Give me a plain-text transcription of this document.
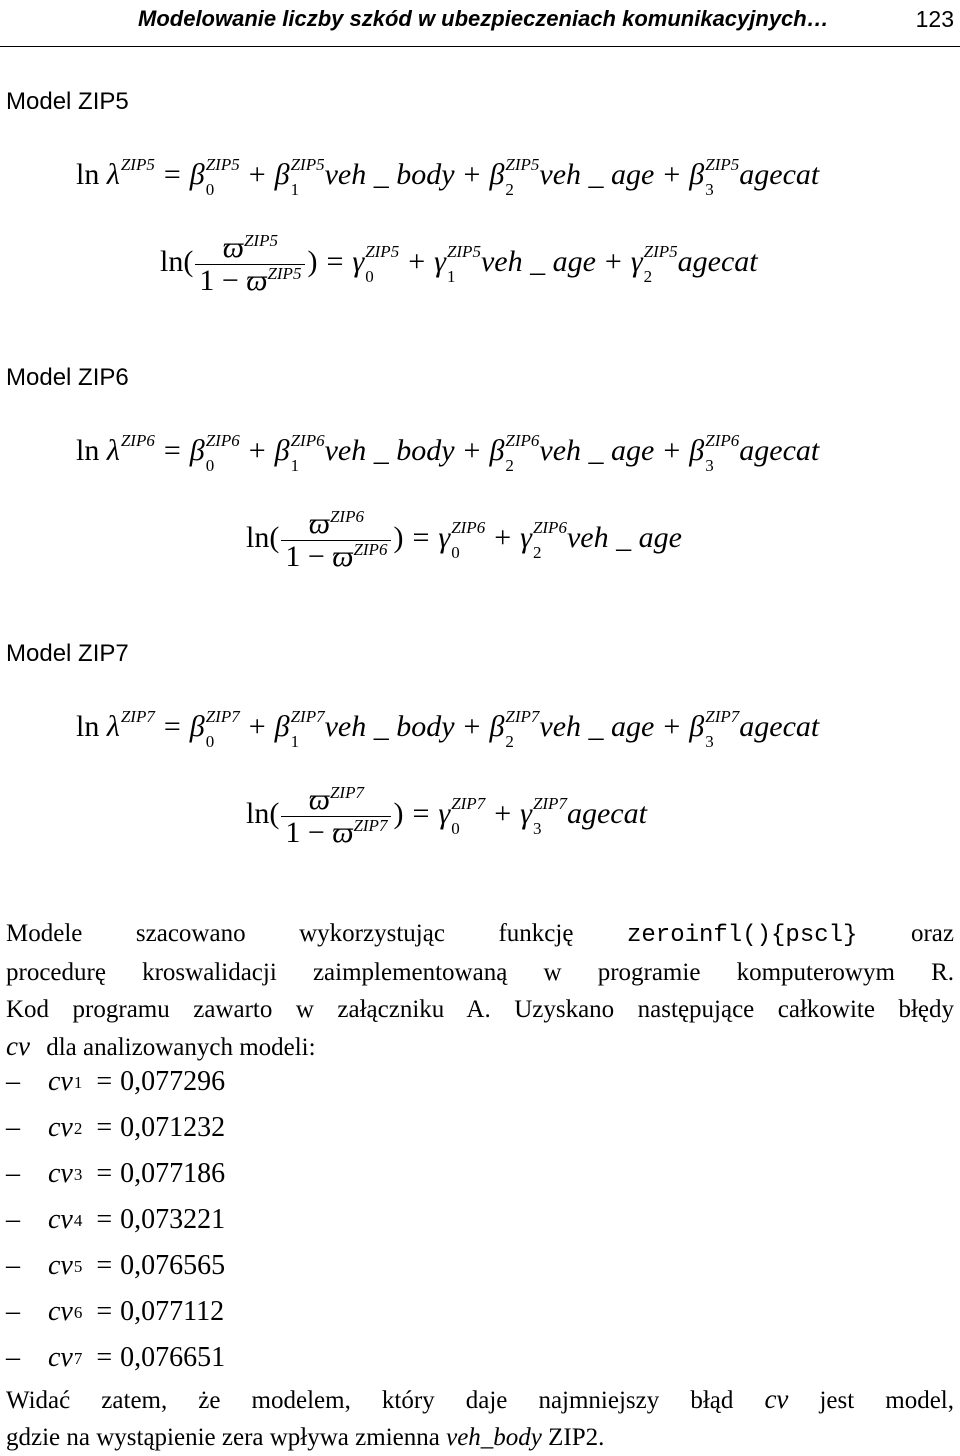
Modelowanie liczby szkód w ubezpieczeniach komunikacyjnych…	123
Model ZIP5
ln λ ZIP5
= β ZIP5
0	+ β ZIP5
1 veh _ body + β ZIP5
2 veh _ age + β ZIP5
3 agecat
$\ln( \frac{ϖ^{ZIP5}}{1 - ϖ^{ZIP5}}$ ) = γ ZIP5
0	+ γ ZIP5
1 veh _ age + γ ZIP5
2 agecat
Model ZIP6
ln λ ZIP6
= β ZIP6
0	+ β ZIP6
1 veh _ body + β ZIP6
2 veh _ age + β ZIP6
3 agecat
$\ln( \frac{ϖ^{ZIP6}}{1 - ϖ^{ZIP6}}$ ) = γ ZIP6
0	+ γ ZIP6
2 veh _ age
Model ZIP7
ln λ ZIP7
= β ZIP7
0	+ β ZIP7
1 veh _ body + β ZIP7
2 veh _ age + β ZIP7
3 agecat
$\ln( \frac{ϖ^{ZIP7}}{1 - ϖ^{ZIP7}}$ ) = γ ZIP7
0	+ γ ZIP7
3 agecat
Modele szacowano wykorzystując funkcję zeroinfl(){pscl} oraz
procedurę kroswalidacji zaimplementowaną w programie komputerowym R.
Kod programu zawarto w załączniku A. Uzyskano następujące całkowite błędy
cν dla analizowanych modeli:
–	cv 1 = 0,077296
–	cv 2 = 0,071232
–	cv 3 = 0,077186
–	cv 4 = 0,073221
–	cv 5 = 0,076565
–	cv 6 = 0,077112
–	cv 7 = 0,076651
Widać zatem, że modelem, który daje najmniejszy błąd cν jest model,
gdzie na wystąpienie zera wpływa zmienna veh_body ZIP2.
